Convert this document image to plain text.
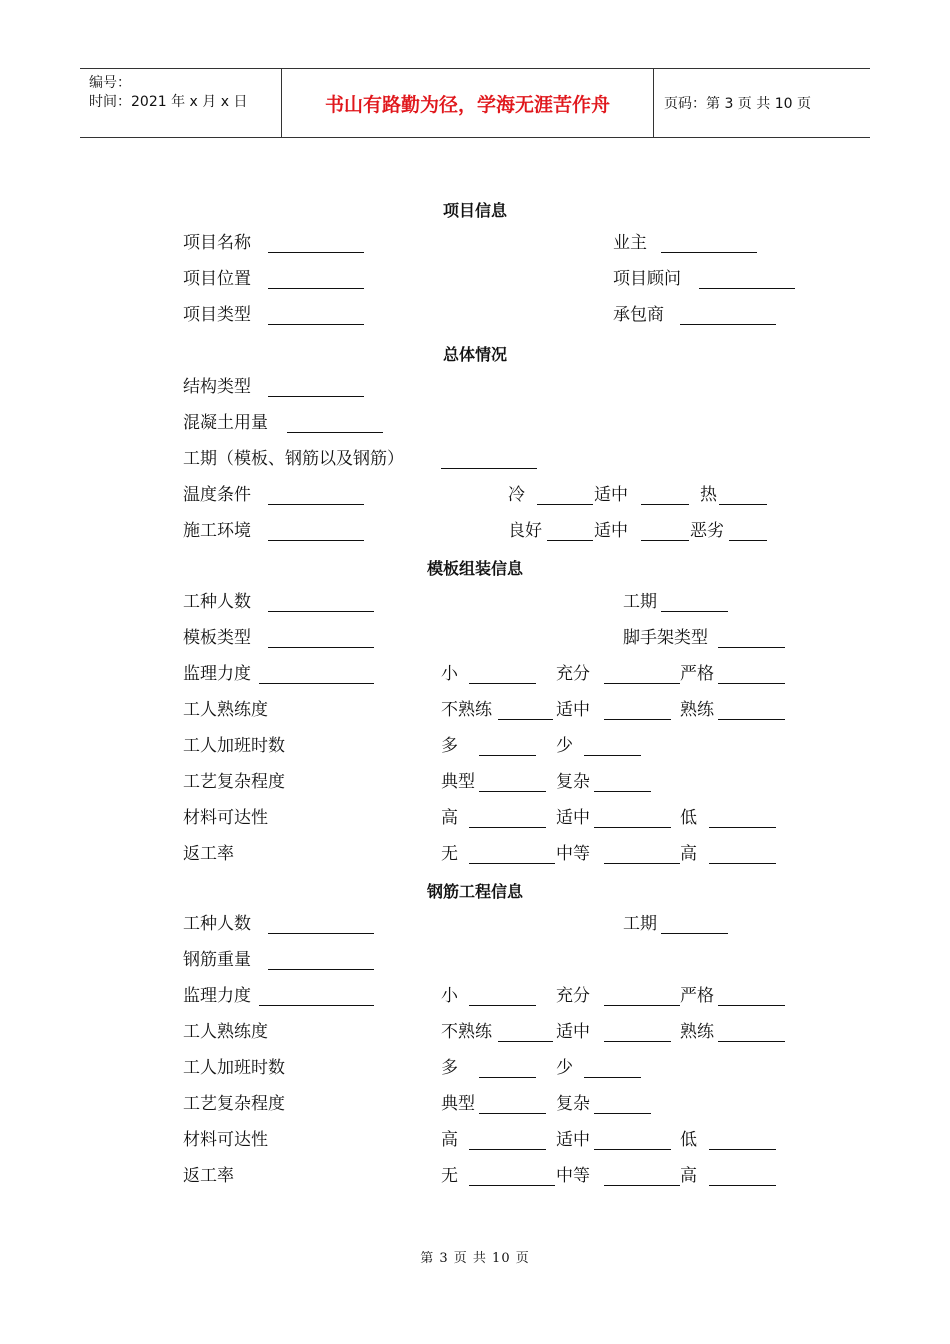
编号：
时间：2021 年 x 月 x 日	书山有路勤为径，学海无涯苦作舟	页码：第 3 页 共 10 页
项目信息
项目名称	业主
项目位置	项目顾问
项目类型	承包商
总体情况
结构类型
混凝土用量
工期（模板、钢筋以及钢筋）
温度条件	冷	适中	热
施工环境	良好	适中	恶劣
模板组装信息
工种人数	工期
模板类型	脚手架类型
监理力度	小	充分	严格
工人熟练度	不熟练	适中	熟练
工人加班时数	多	少
工艺复杂程度	典型	复杂
材料可达性	高	适中	低
返工率	无	中等	高
钢筋工程信息
工种人数	工期
钢筋重量
监理力度	小	充分	严格
工人熟练度	不熟练	适中	熟练
工人加班时数	多	少
工艺复杂程度	典型	复杂
材料可达性	高	适中	低
返工率	无	中等	高
第 3 页 共 10 页
